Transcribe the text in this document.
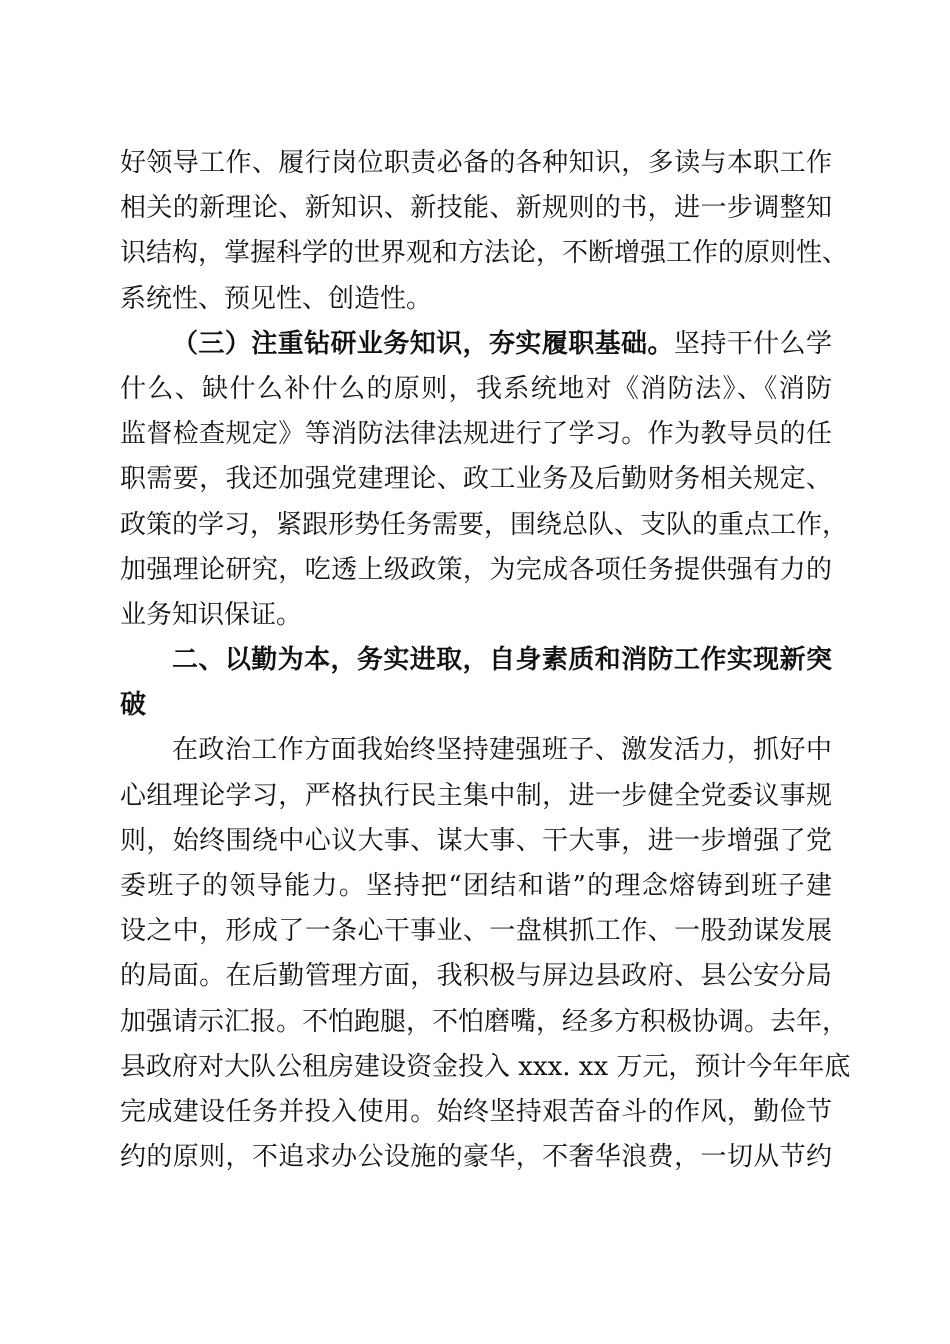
好领导工作、履行岗位职责必备的各种知识，多读与本职工作
相关的新理论、新知识、新技能、新规则的书，进一步调整知
识结构，掌握科学的世界观和方法论，不断增强工作的原则性、
系统性、预见性、创造性。
（三）注重钻研业务知识，夯实履职基础。坚持干什么学
什么、缺什么补什么的原则，我系统地对《消防法》、《消防
监督检查规定》等消防法律法规进行了学习。作为教导员的任
职需要，我还加强党建理论、政工业务及后勤财务相关规定、
政策的学习，紧跟形势任务需要，围绕总队、支队的重点工作，
加强理论研究，吃透上级政策，为完成各项任务提供强有力的
业务知识保证。
二、以勤为本，务实进取，自身素质和消防工作实现新突
破
在政治工作方面我始终坚持建强班子、激发活力，抓好中
心组理论学习，严格执行民主集中制，进一步健全党委议事规
则，始终围绕中心议大事、谋大事、干大事，进一步增强了党
委班子的领导能力。坚持把“团结和谐”的理念熔铸到班子建
设之中，形成了一条心干事业、一盘棋抓工作、一股劲谋发展
的局面。在后勤管理方面，我积极与屏边县政府、县公安分局
加强请示汇报。不怕跑腿，不怕磨嘴，经多方积极协调。去年，
县政府对大队公租房建设资金投入 xxx. xx 万元，预计今年年底
完成建设任务并投入使用。始终坚持艰苦奋斗的作风，勤俭节
约的原则，不追求办公设施的豪华，不奢华浪费，一切从节约
